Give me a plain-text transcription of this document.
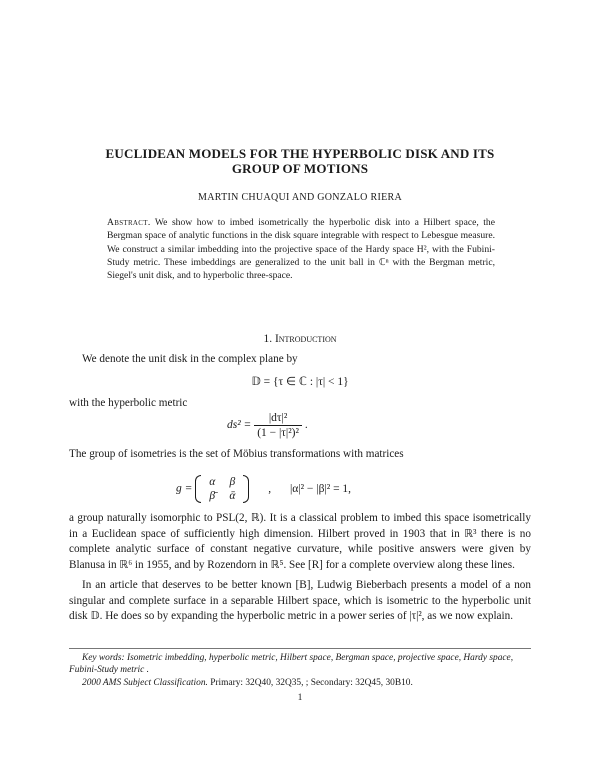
EUCLIDEAN MODELS FOR THE HYPERBOLIC DISK AND ITS
GROUP OF MOTIONS
MARTIN CHUAQUI AND GONZALO RIERA
Abstract. We show how to imbed isometrically the hyperbolic disk into a Hilbert space, the Bergman space of analytic functions in the disk square integrable with respect to Lebesgue measure. We construct a similar imbedding into the projective space of the Hardy space H², with the Fubini-Study metric. These imbeddings are generalized to the unit ball in ℂⁿ with the Bergman metric, Siegel's unit disk, and to hyperbolic three-space.
1. Introduction
We denote the unit disk in the complex plane by
𝔻 = {τ ∈ ℂ : |τ| < 1}
with the hyperbolic metric
$ds^2 = \frac{\text{|dτ|²}}{\text{(1 − |τ|²)²}}$ .
The group of isometries is the set of Möbius transformations with matrices
g =
α	β
β̄	ᾱ
, |α|² − |β|² = 1,
a group naturally isomorphic to PSL(2, ℝ). It is a classical problem to imbed this space isometrically in a Euclidean space of sufficiently high dimension. Hilbert proved in 1903 that in ℝ³ there is no complete analytic surface of constant negative curvature, while positive answers were given by Blanusa in ℝ⁶ in 1955, and by Rozendorn in ℝ⁵. See [R] for a complete overview along these lines.
In an article that deserves to be better known [B], Ludwig Bieberbach presents a model of a non singular and complete surface in a separable Hilbert space, which is isometric to the hyperbolic unit disk 𝔻. He does so by expanding the hyperbolic metric in a power series of |τ|², as we now explain.
Key words: Isometric imbedding, hyperbolic metric, Hilbert space, Bergman space, projective space, Hardy space, Fubini-Study metric .
2000 AMS Subject Classification. Primary: 32Q40, 32Q35, ; Secondary: 32Q45, 30B10.
1
